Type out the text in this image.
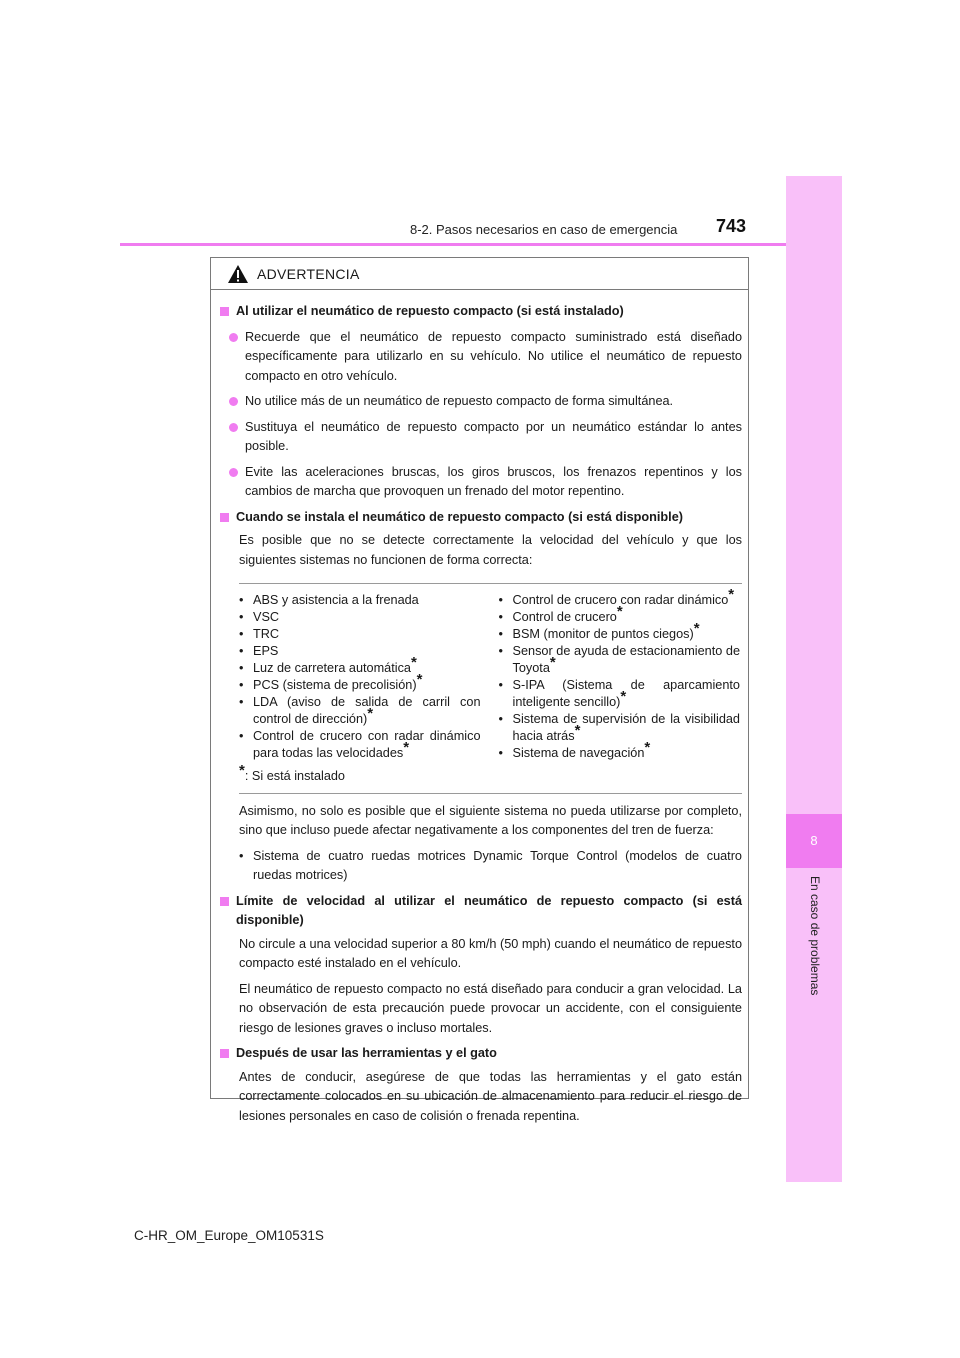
8
En caso de problemas
8-2. Pasos necesarios en caso de emergencia 743
ADVERTENCIA
Al utilizar el neumático de repuesto compacto (si está instalado)
Recuerde que el neumático de repuesto compacto suministrado está diseñado específicamente para utilizarlo en su vehículo. No utilice el neumático de repuesto compacto en otro vehículo.
No utilice más de un neumático de repuesto compacto de forma simultánea.
Sustituya el neumático de repuesto compacto por un neumático estándar lo antes posible.
Evite las aceleraciones bruscas, los giros bruscos, los frenazos repentinos y los cambios de marcha que provoquen un frenado del motor repentino.
Cuando se instala el neumático de repuesto compacto (si está disponible)
Es posible que no se detecte correctamente la velocidad del vehículo y que los siguientes sistemas no funcionen de forma correcta:
• ABS y asistencia a la frenada
• VSC
• TRC
• EPS
• Luz de carretera automática*
• PCS (sistema de precolisión)*
• LDA (aviso de salida de carril con control de dirección)*
• Control de crucero con radar dinámico para todas las velocidades*
• Control de crucero con radar dinámico*
• Control de crucero*
• BSM (monitor de puntos ciegos)*
• Sensor de ayuda de estacionamiento de Toyota*
• S-IPA (Sistema de aparcamiento inteligente sencillo)*
• Sistema de supervisión de la visibilidad hacia atrás*
• Sistema de navegación*
*: Si está instalado
Asimismo, no solo es posible que el siguiente sistema no pueda utilizarse por completo, sino que incluso puede afectar negativamente a los componentes del tren de fuerza:
• Sistema de cuatro ruedas motrices Dynamic Torque Control (modelos de cuatro ruedas motrices)
Límite de velocidad al utilizar el neumático de repuesto compacto (si está disponible)
No circule a una velocidad superior a 80 km/h (50 mph) cuando el neumático de repuesto compacto esté instalado en el vehículo.
El neumático de repuesto compacto no está diseñado para conducir a gran velocidad. La no observación de esta precaución puede provocar un accidente, con el consiguiente riesgo de lesiones graves o incluso mortales.
Después de usar las herramientas y el gato
Antes de conducir, asegúrese de que todas las herramientas y el gato están correctamente colocados en su ubicación de almacenamiento para reducir el riesgo de lesiones personales en caso de colisión o frenada repentina.
C-HR_OM_Europe_OM10531S
